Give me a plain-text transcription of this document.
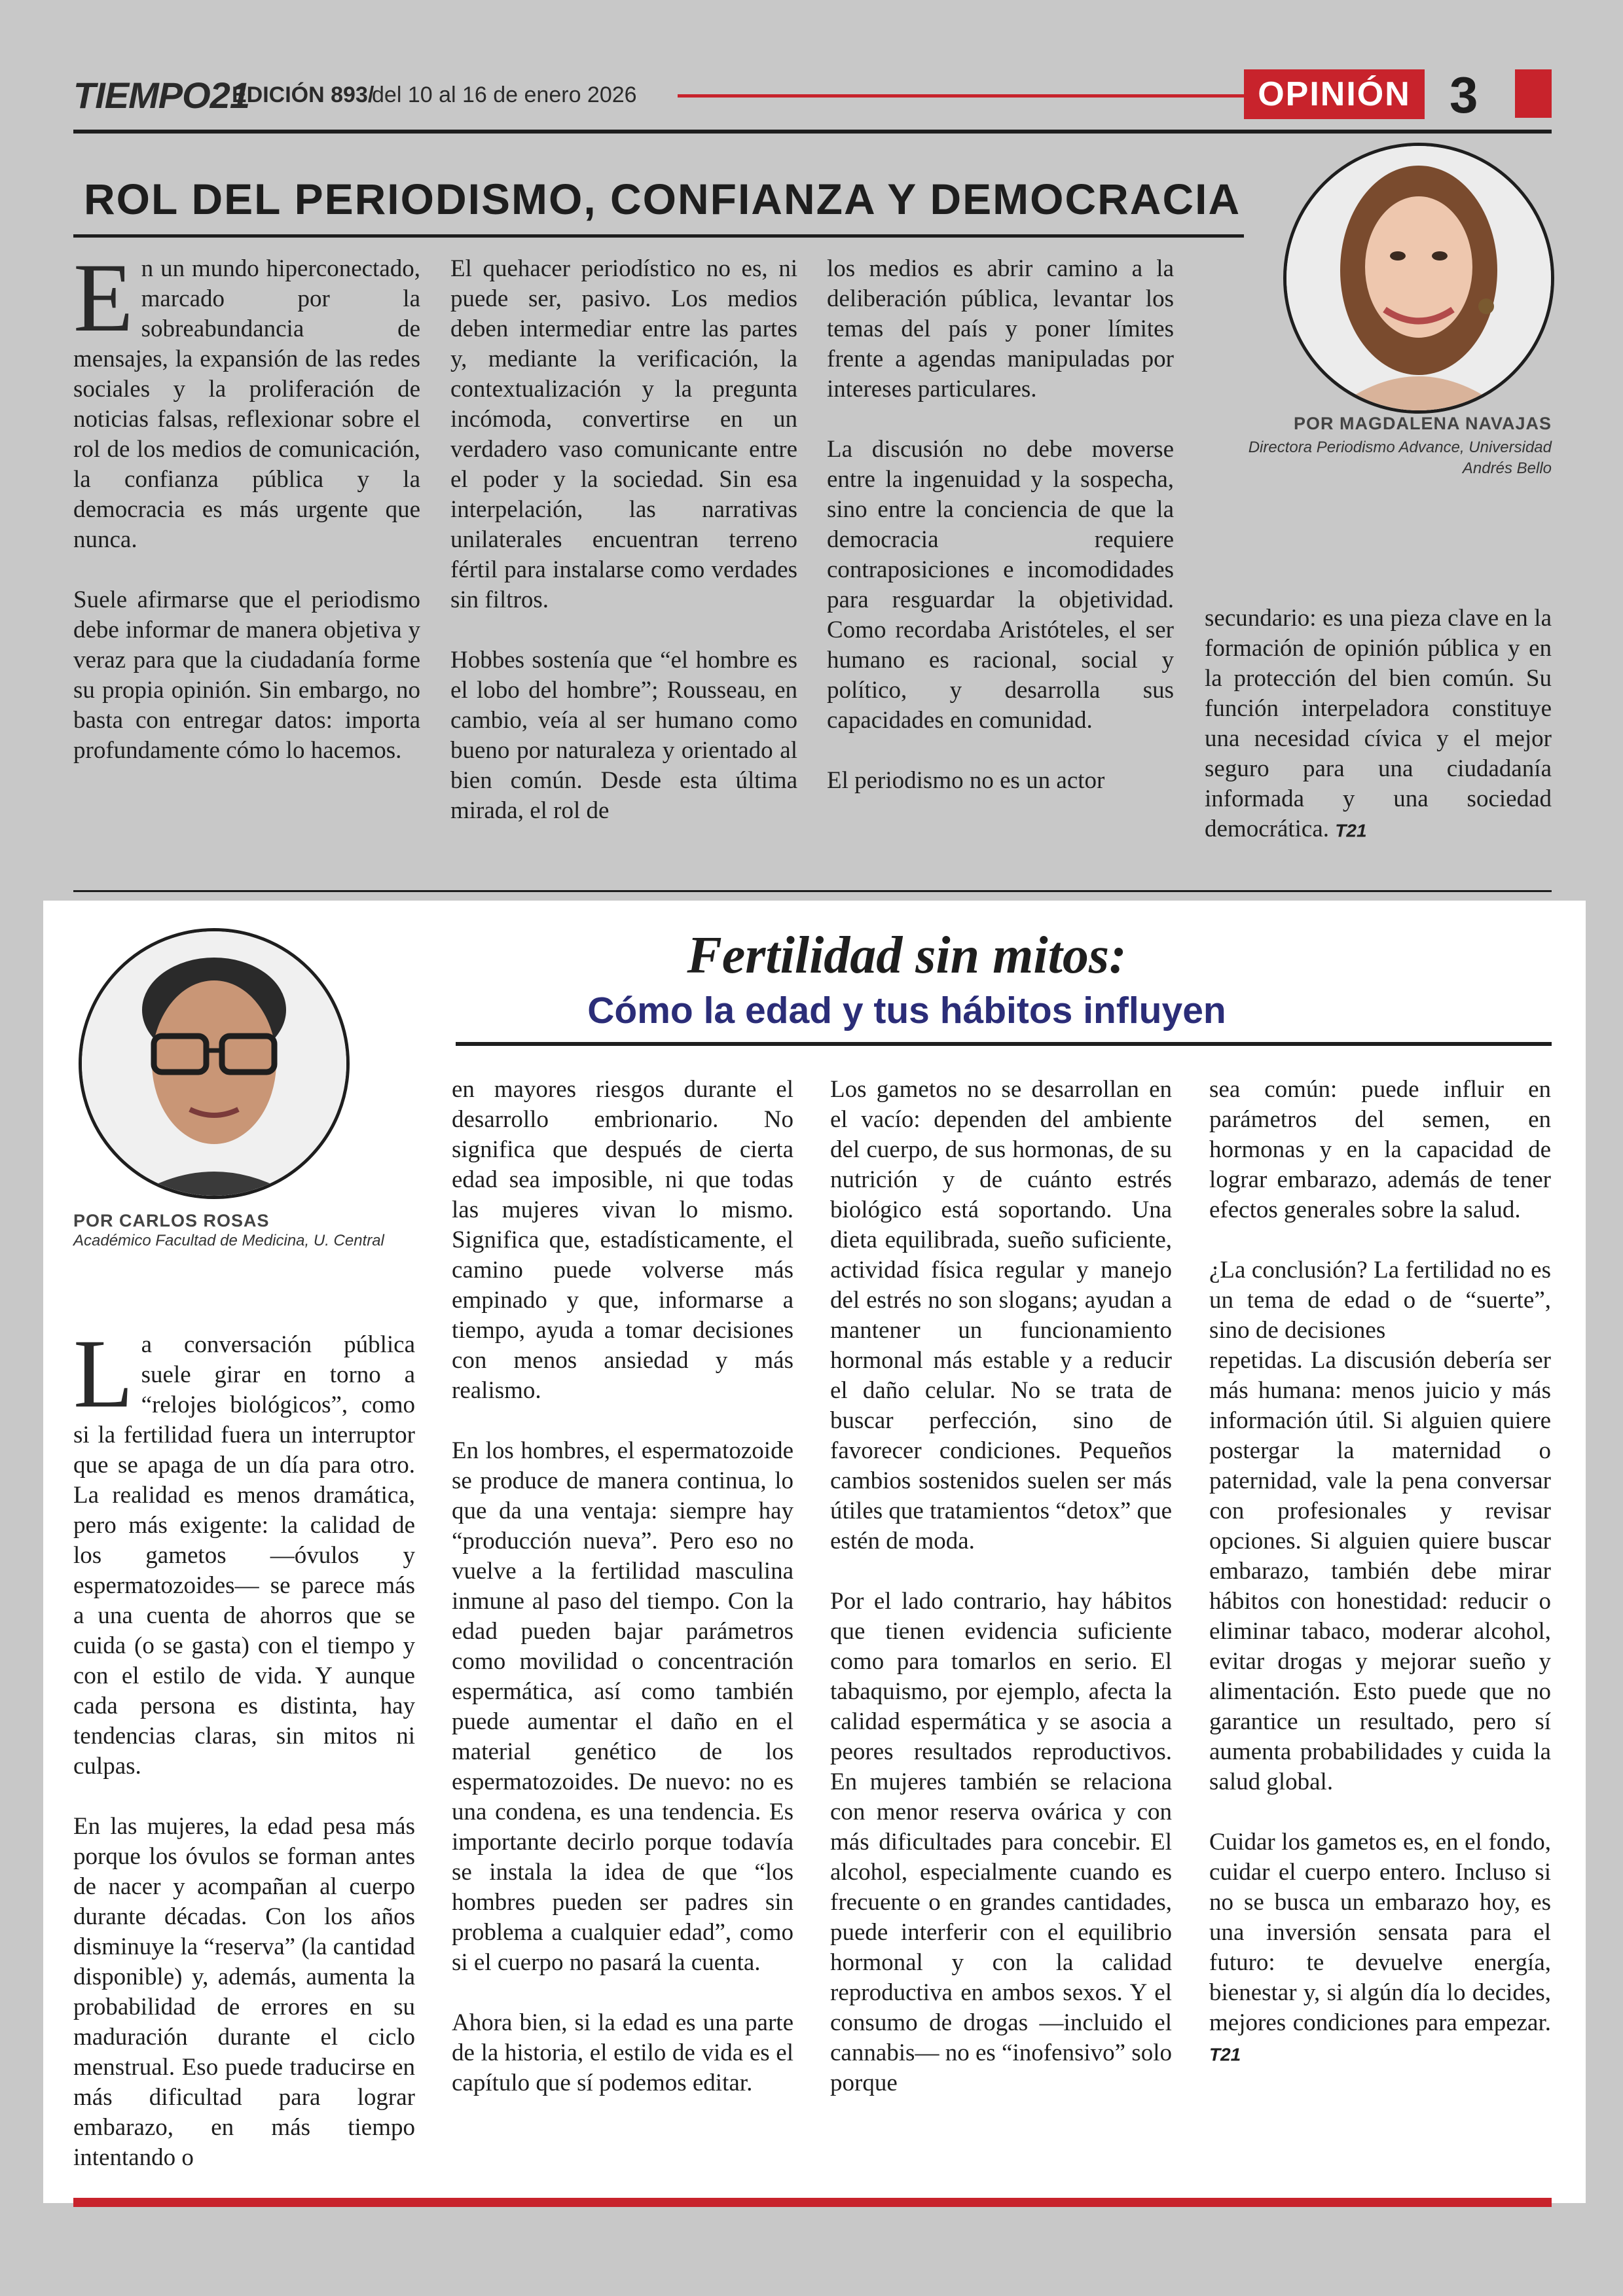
TIEMPO21
EDICIÓN 893/
del 10 al 16 de enero 2026	OPINIÓN 3
ROL DEL PERIODISMO, CONFIANZA Y DEMOCRACIA
POR MAGDALENA NAVAJAS
Directora Periodismo Advance, Universidad
Andrés Bello

En un mundo hiperconectado, marcado por la sobreabundancia de mensajes, la expansión de las redes sociales y la proliferación de noticias falsas, reflexionar sobre el rol de los medios de comunicación, la confianza pública y la democracia es más urgente que nunca.

Suele afirmarse que el periodismo debe informar de manera objetiva y veraz para que la ciudadanía forme su propia opinión. Sin embargo, no basta con entregar datos: importa profundamente cómo lo hacemos.

El quehacer periodístico no es, ni puede ser, pasivo. Los medios deben intermediar entre las partes y, mediante la verificación, la contextualización y la pregunta incómoda, convertirse en un verdadero vaso comunicante entre el poder y la sociedad. Sin esa interpelación, las narrativas unilaterales encuentran terreno fértil para instalarse como verdades sin filtros.

Hobbes sostenía que “el hombre es el lobo del hombre”; Rousseau, en cambio, veía al ser humano como bueno por naturaleza y orientado al bien común. Desde esta última mirada, el rol de

los medios es abrir camino a la deliberación pública, levantar los temas del país y poner límites frente a agendas manipuladas por intereses particulares.

La discusión no debe moverse entre la ingenuidad y la sospecha, sino entre la conciencia de que la democracia requiere contraposiciones e incomodidades para resguardar la objetividad. Como recordaba Aristóteles, el ser humano es racional, social y político, y desarrolla sus capacidades en comunidad.

El periodismo no es un actor

secundario: es una pieza clave en la formación de opinión pública y en la protección del bien común. Su función interpeladora constituye una necesidad cívica y el mejor seguro para una ciudadanía informada y una sociedad democrática. T21

POR CARLOS ROSAS
Académico Facultad de Medicina, U. Central
Fertilidad sin mitos:
Cómo la edad y tus hábitos influyen

La conversación pública suele girar en torno a “relojes biológicos”, como si la fertilidad fuera un interruptor que se apaga de un día para otro. La realidad es menos dramática, pero más exigente: la calidad de los gametos —óvulos y espermatozoides— se parece más a una cuenta de ahorros que se cuida (o se gasta) con el tiempo y con el estilo de vida. Y aunque cada persona es distinta, hay tendencias claras, sin mitos ni culpas.

En las mujeres, la edad pesa más porque los óvulos se forman antes de nacer y acompañan al cuerpo durante décadas. Con los años disminuye la “reserva” (la cantidad disponible) y, además, aumenta la probabilidad de errores en su maduración durante el ciclo menstrual. Eso puede traducirse en más dificultad para lograr embarazo, en más tiempo intentando o

en mayores riesgos durante el desarrollo embrionario. No significa que después de cierta edad sea imposible, ni que todas las mujeres vivan lo mismo. Significa que, estadísticamente, el camino puede volverse más empinado y que, informarse a tiempo, ayuda a tomar decisiones con menos ansiedad y más realismo.

En los hombres, el espermatozoide se produce de manera continua, lo que da una ventaja: siempre hay “producción nueva”. Pero eso no vuelve a la fertilidad masculina inmune al paso del tiempo. Con la edad pueden bajar parámetros como movilidad o concentración espermática, así como también puede aumentar el daño en el material genético de los espermatozoides. De nuevo: no es una condena, es una tendencia. Es importante decirlo porque todavía se instala la idea de que “los hombres pueden ser padres sin problema a cualquier edad”, como si el cuerpo no pasará la cuenta.

Ahora bien, si la edad es una parte de la historia, el estilo de vida es el capítulo que sí podemos editar.

Los gametos no se desarrollan en el vacío: dependen del ambiente del cuerpo, de sus hormonas, de su nutrición y de cuánto estrés biológico está soportando. Una dieta equilibrada, sueño suficiente, actividad física regular y manejo del estrés no son slogans; ayudan a mantener un funcionamiento hormonal más estable y a reducir el daño celular. No se trata de buscar perfección, sino de favorecer condiciones. Pequeños cambios sostenidos suelen ser más útiles que tratamientos “detox” que estén de moda.

Por el lado contrario, hay hábitos que tienen evidencia suficiente como para tomarlos en serio. El tabaquismo, por ejemplo, afecta la calidad espermática y se asocia a peores resultados reproductivos. En mujeres también se relaciona con menor reserva ovárica y con más dificultades para concebir. El alcohol, especialmente cuando es frecuente o en grandes cantidades, puede interferir con el equilibrio hormonal y con la calidad reproductiva en ambos sexos. Y el consumo de drogas —incluido el cannabis— no es “inofensivo” solo porque

sea común: puede influir en parámetros del semen, en hormonas y en la capacidad de lograr embarazo, además de tener efectos generales sobre la salud.

¿La conclusión? La fertilidad no es un tema de edad o de “suerte”, sino de decisiones
repetidas. La discusión debería ser más humana: menos juicio y más información útil. Si alguien quiere postergar la maternidad o paternidad, vale la pena conversar con profesionales y revisar opciones. Si alguien quiere buscar embarazo, también debe mirar hábitos con honestidad: reducir o eliminar tabaco, moderar alcohol, evitar drogas y mejorar sueño y alimentación. Esto puede que no garantice un resultado, pero sí aumenta probabilidades y cuida la salud global.

Cuidar los gametos es, en el fondo, cuidar el cuerpo entero. Incluso si no se busca un embarazo hoy, es una inversión sensata para el futuro: te devuelve energía, bienestar y, si algún día lo decides, mejores condiciones para empezar. T21
